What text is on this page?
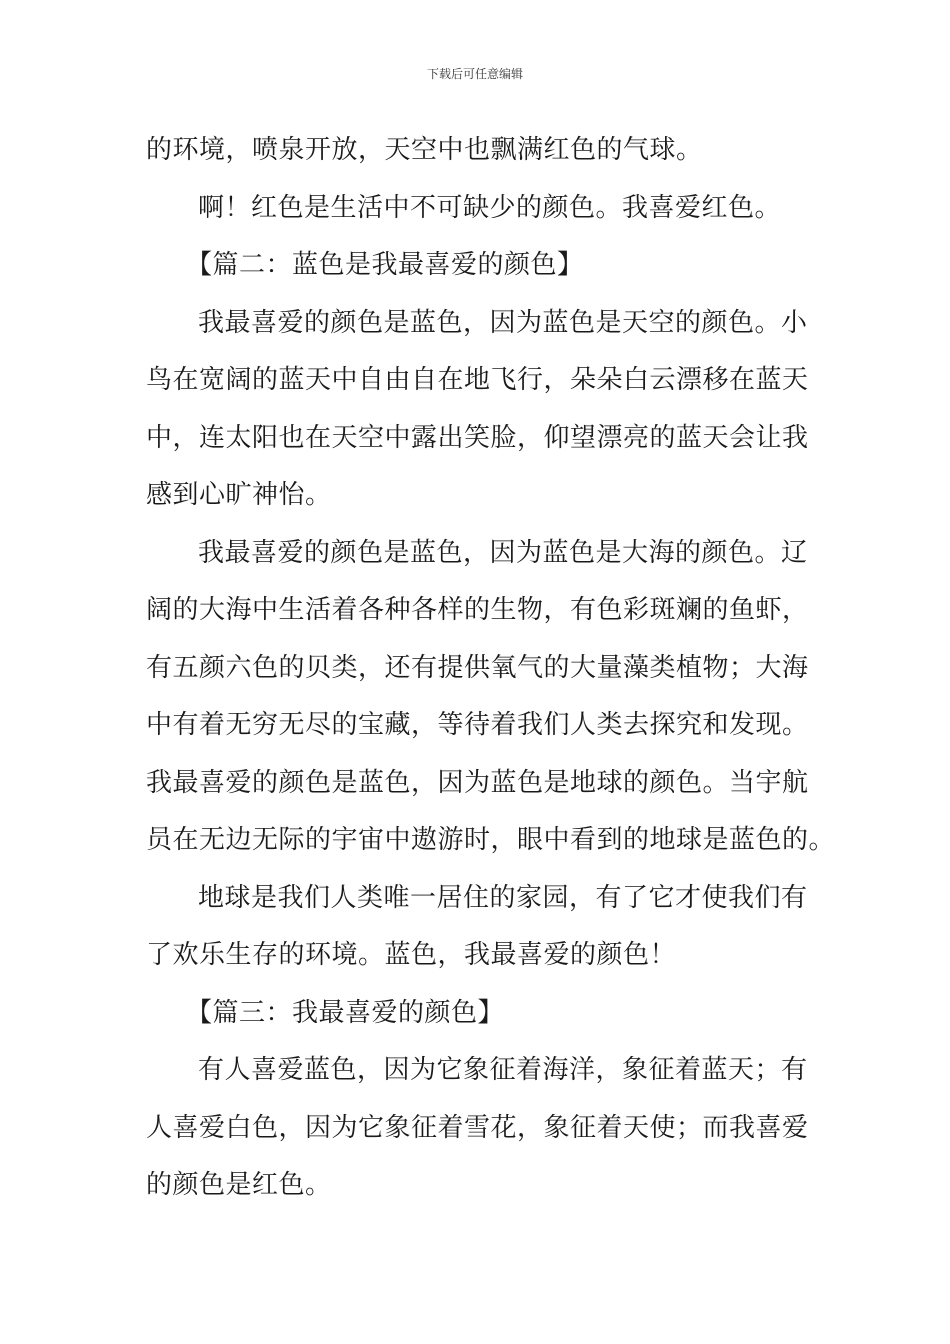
下载后可任意编辑
的环境，喷泉开放，天空中也飘满红色的气球。
啊！红色是生活中不可缺少的颜色。我喜爱红色。
【篇二：蓝色是我最喜爱的颜色】
我最喜爱的颜色是蓝色，因为蓝色是天空的颜色。小
鸟在宽阔的蓝天中自由自在地飞行，朵朵白云漂移在蓝天
中，连太阳也在天空中露出笑脸，仰望漂亮的蓝天会让我
感到心旷神怡。
我最喜爱的颜色是蓝色，因为蓝色是大海的颜色。辽
阔的大海中生活着各种各样的生物，有色彩斑斓的鱼虾，
有五颜六色的贝类，还有提供氧气的大量藻类植物；大海
中有着无穷无尽的宝藏，等待着我们人类去探究和发现。
我最喜爱的颜色是蓝色，因为蓝色是地球的颜色。当宇航
员在无边无际的宇宙中遨游时，眼中看到的地球是蓝色的。
地球是我们人类唯一居住的家园，有了它才使我们有
了欢乐生存的环境。蓝色，我最喜爱的颜色！
【篇三：我最喜爱的颜色】
有人喜爱蓝色，因为它象征着海洋，象征着蓝天；有
人喜爱白色，因为它象征着雪花，象征着天使；而我喜爱
的颜色是红色。
